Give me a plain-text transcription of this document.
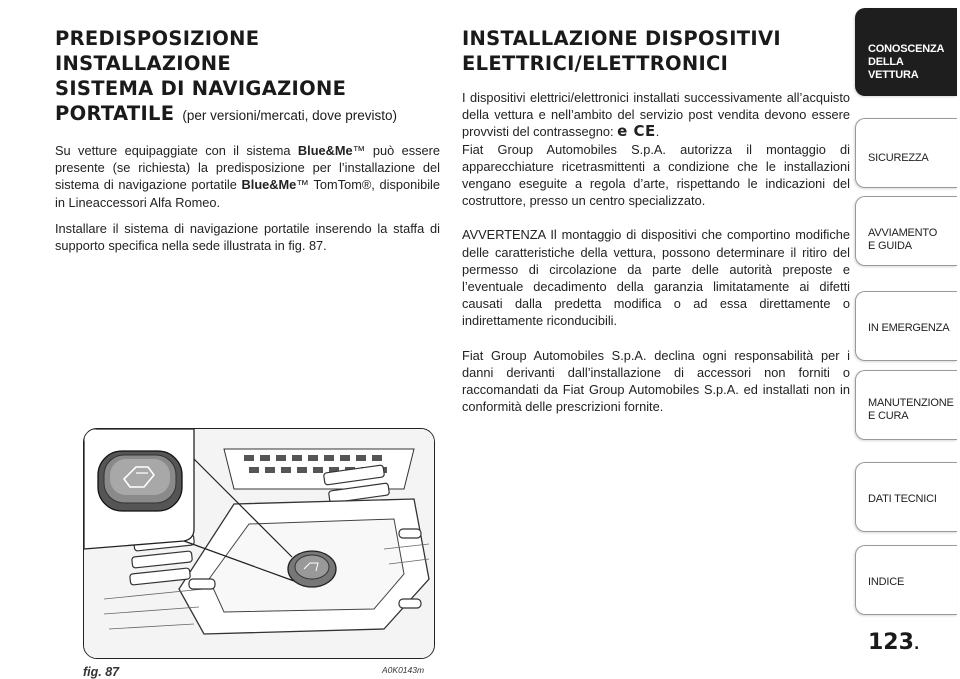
PREDISPOSIZIONE INSTALLAZIONE
SISTEMA DI NAVIGAZIONE
PORTATILE (per versioni/mercati, dove previsto)

Su vetture equipaggiate con il sistema Blue&Me™ può essere presente (se richiesta) la predisposizione per l’installazione del sistema di navigazione portatile Blue&Me™ TomTom®, disponibile in Lineaccessori Alfa Romeo.

Installare il sistema di navigazione portatile inserendo la staffa di supporto specifica nella sede illustrata in fig. 87.

INSTALLAZIONE DISPOSITIVI
ELETTRICI/ELETTRONICI

I dispositivi elettrici/elettronici installati successivamente all’acquisto della vettura e nell’ambito del servizio post vendita devono essere provvisti del contrassegno: e CE.
Fiat Group Automobiles S.p.A. autorizza il montaggio di apparecchiature ricetrasmittenti a condizione che le installazioni vengano eseguite a regola d’arte, rispettando le indicazioni del costruttore, presso un centro specializzato.

AVVERTENZA Il montaggio di dispositivi che comportino modifiche delle caratteristiche della vettura, possono determinare il ritiro del permesso di circolazione da parte delle autorità preposte e l’eventuale decadimento della garanzia limitatamente ai difetti causati dalla predetta modifica o ad essa direttamente o indirettamente riconducibili.

Fiat Group Automobiles S.p.A. declina ogni responsabilità per i danni derivanti dall’installazione di accessori non forniti o raccomandati da Fiat Group Automobiles S.p.A. ed installati non in conformità delle prescrizioni fornite.

fig. 87	A0K0143m
CONOSCENZA
DELLA
VETTURA
SICUREZZA
AVVIAMENTO
E GUIDA
IN EMERGENZA
MANUTENZIONE
E CURA
DATI TECNICI
INDICE
123.
